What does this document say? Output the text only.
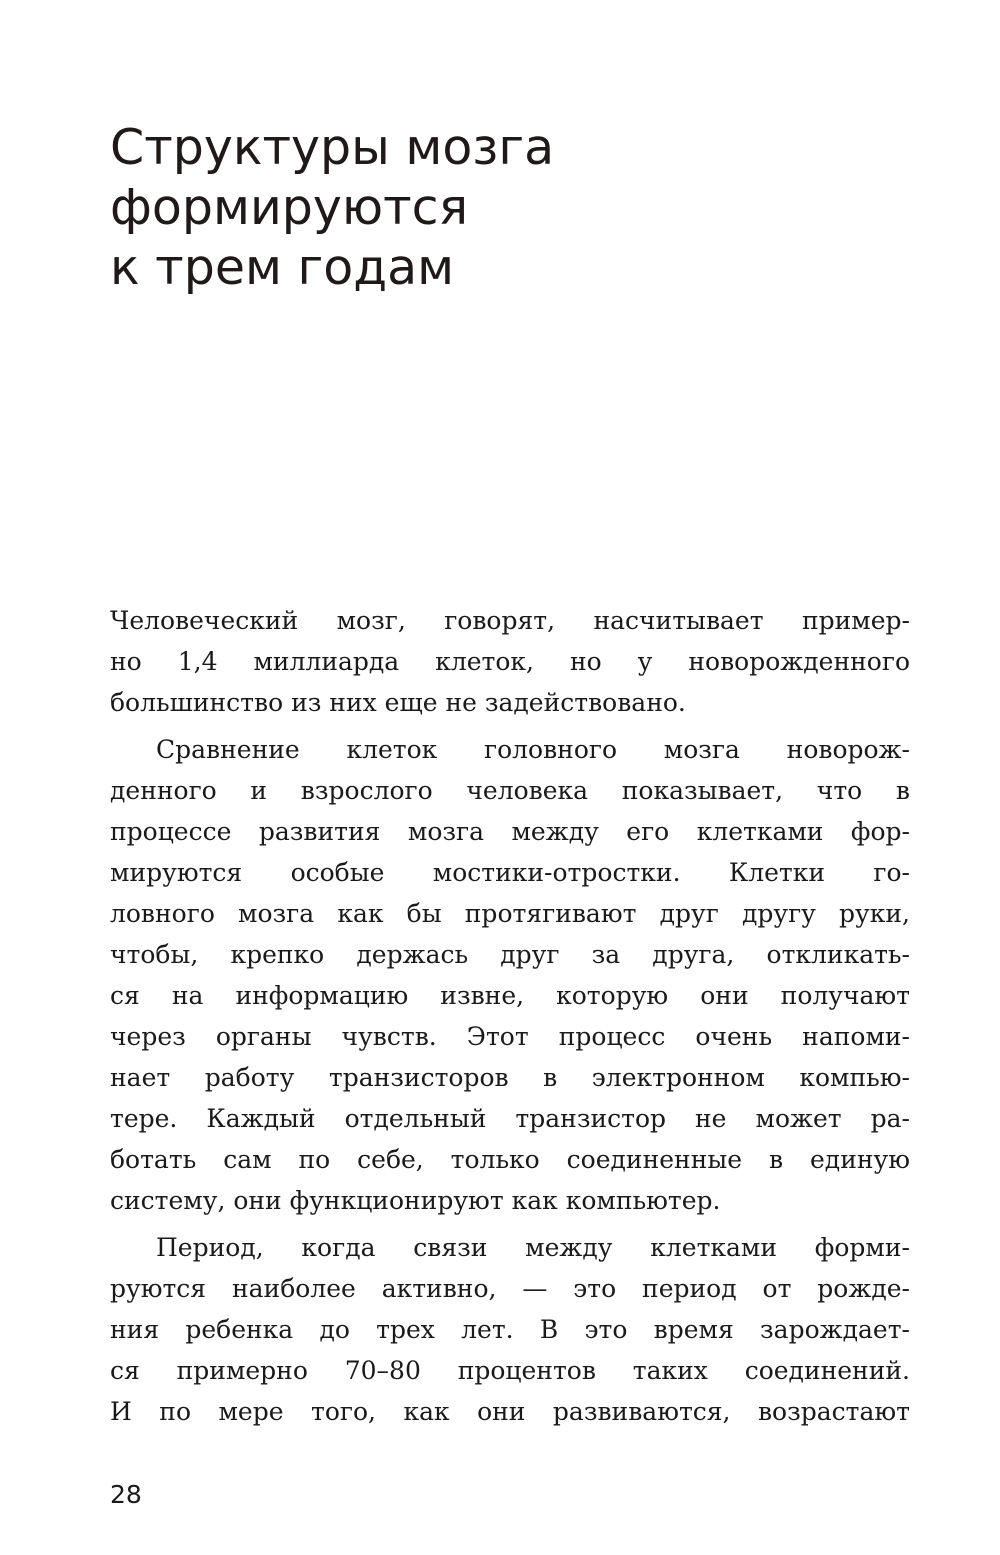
Структуры мозга
формируются
к трем годам

Человеческий мозг, говорят, насчитывает пример-
но 1,4 миллиарда клеток, но у новорожденного
большинство из них еще не задействовано.

Сравнение клеток головного мозга новорож-
денного и взрослого человека показывает, что в
процессе развития мозга между его клетками фор-
мируются особые мостики-отростки. Клетки го-
ловного мозга как бы протягивают друг другу руки,
чтобы, крепко держась друг за друга, откликать-
ся на информацию извне, которую они получают
через органы чувств. Этот процесс очень напоми-
нает работу транзисторов в электронном компью-
тере. Каждый отдельный транзистор не может ра-
ботать сам по себе, только соединенные в единую
систему, они функционируют как компьютер.

Период, когда связи между клетками форми-
руются наиболее активно, — это период от рожде-
ния ребенка до трех лет. В это время зарождает-
ся примерно 70–80 процентов таких соединений.
И по мере того, как они развиваются, возрастают

28
